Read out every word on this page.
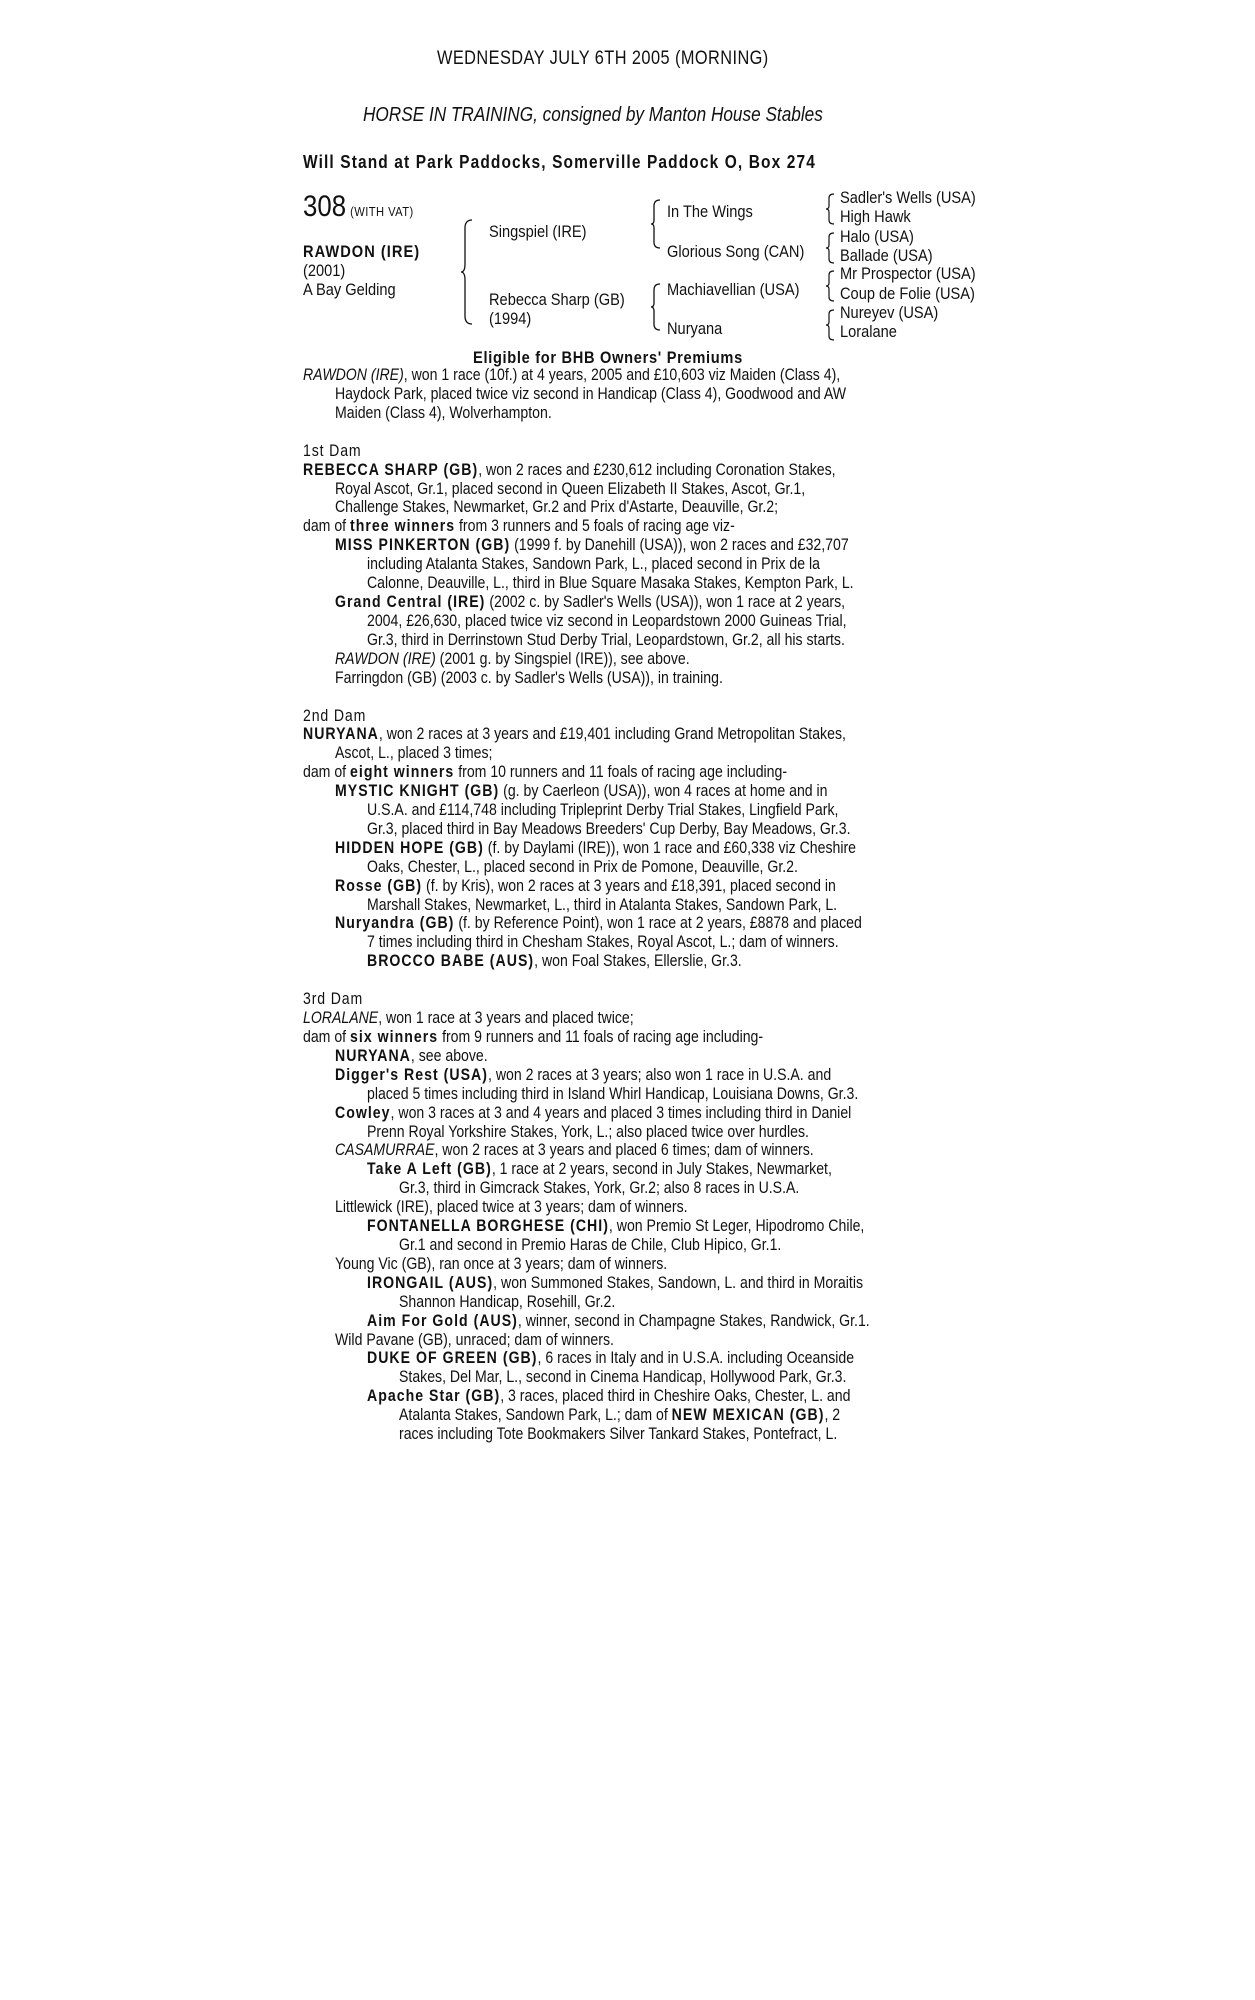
WEDNESDAY JULY 6TH 2005 (MORNING)
HORSE IN TRAINING, consigned by Manton House Stables
Will Stand at Park Paddocks, Somerville Paddock O, Box 274
308 (WITH VAT)
RAWDON (IRE)
(2001)
A Bay Gelding
Singspiel (IRE)
Rebecca Sharp (GB)
(1994)
In The Wings
Glorious Song (CAN)
Machiavellian (USA)
Nuryana
Sadler's Wells (USA)
High Hawk
Halo (USA)
Ballade (USA)
Mr Prospector (USA)
Coup de Folie (USA)
Nureyev (USA)
Loralane
Eligible for BHB Owners' Premiums
RAWDON (IRE), won 1 race (10f.) at 4 years, 2005 and £10,603 viz Maiden (Class 4),
Haydock Park, placed twice viz second in Handicap (Class 4), Goodwood and AW
Maiden (Class 4), Wolverhampton.
1st Dam
REBECCA SHARP (GB), won 2 races and £230,612 including Coronation Stakes,
Royal Ascot, Gr.1, placed second in Queen Elizabeth II Stakes, Ascot, Gr.1,
Challenge Stakes, Newmarket, Gr.2 and Prix d'Astarte, Deauville, Gr.2;
dam of three winners from 3 runners and 5 foals of racing age viz-
MISS PINKERTON (GB) (1999 f. by Danehill (USA)), won 2 races and £32,707
including Atalanta Stakes, Sandown Park, L., placed second in Prix de la
Calonne, Deauville, L., third in Blue Square Masaka Stakes, Kempton Park, L.
Grand Central (IRE) (2002 c. by Sadler's Wells (USA)), won 1 race at 2 years,
2004, £26,630, placed twice viz second in Leopardstown 2000 Guineas Trial,
Gr.3, third in Derrinstown Stud Derby Trial, Leopardstown, Gr.2, all his starts.
RAWDON (IRE) (2001 g. by Singspiel (IRE)), see above.
Farringdon (GB) (2003 c. by Sadler's Wells (USA)), in training.
2nd Dam
NURYANA, won 2 races at 3 years and £19,401 including Grand Metropolitan Stakes,
Ascot, L., placed 3 times;
dam of eight winners from 10 runners and 11 foals of racing age including-
MYSTIC KNIGHT (GB) (g. by Caerleon (USA)), won 4 races at home and in
U.S.A. and £114,748 including Tripleprint Derby Trial Stakes, Lingfield Park,
Gr.3, placed third in Bay Meadows Breeders' Cup Derby, Bay Meadows, Gr.3.
HIDDEN HOPE (GB) (f. by Daylami (IRE)), won 1 race and £60,338 viz Cheshire
Oaks, Chester, L., placed second in Prix de Pomone, Deauville, Gr.2.
Rosse (GB) (f. by Kris), won 2 races at 3 years and £18,391, placed second in
Marshall Stakes, Newmarket, L., third in Atalanta Stakes, Sandown Park, L.
Nuryandra (GB) (f. by Reference Point), won 1 race at 2 years, £8878 and placed
7 times including third in Chesham Stakes, Royal Ascot, L.; dam of winners.
BROCCO BABE (AUS), won Foal Stakes, Ellerslie, Gr.3.
3rd Dam
LORALANE, won 1 race at 3 years and placed twice;
dam of six winners from 9 runners and 11 foals of racing age including-
NURYANA, see above.
Digger's Rest (USA), won 2 races at 3 years; also won 1 race in U.S.A. and
placed 5 times including third in Island Whirl Handicap, Louisiana Downs, Gr.3.
Cowley, won 3 races at 3 and 4 years and placed 3 times including third in Daniel
Prenn Royal Yorkshire Stakes, York, L.; also placed twice over hurdles.
CASAMURRAE, won 2 races at 3 years and placed 6 times; dam of winners.
Take A Left (GB), 1 race at 2 years, second in July Stakes, Newmarket,
Gr.3, third in Gimcrack Stakes, York, Gr.2; also 8 races in U.S.A.
Littlewick (IRE), placed twice at 3 years; dam of winners.
FONTANELLA BORGHESE (CHI), won Premio St Leger, Hipodromo Chile,
Gr.1 and second in Premio Haras de Chile, Club Hipico, Gr.1.
Young Vic (GB), ran once at 3 years; dam of winners.
IRONGAIL (AUS), won Summoned Stakes, Sandown, L. and third in Moraitis
Shannon Handicap, Rosehill, Gr.2.
Aim For Gold (AUS), winner, second in Champagne Stakes, Randwick, Gr.1.
Wild Pavane (GB), unraced; dam of winners.
DUKE OF GREEN (GB), 6 races in Italy and in U.S.A. including Oceanside
Stakes, Del Mar, L., second in Cinema Handicap, Hollywood Park, Gr.3.
Apache Star (GB), 3 races, placed third in Cheshire Oaks, Chester, L. and
Atalanta Stakes, Sandown Park, L.; dam of NEW MEXICAN (GB), 2
races including Tote Bookmakers Silver Tankard Stakes, Pontefract, L.
